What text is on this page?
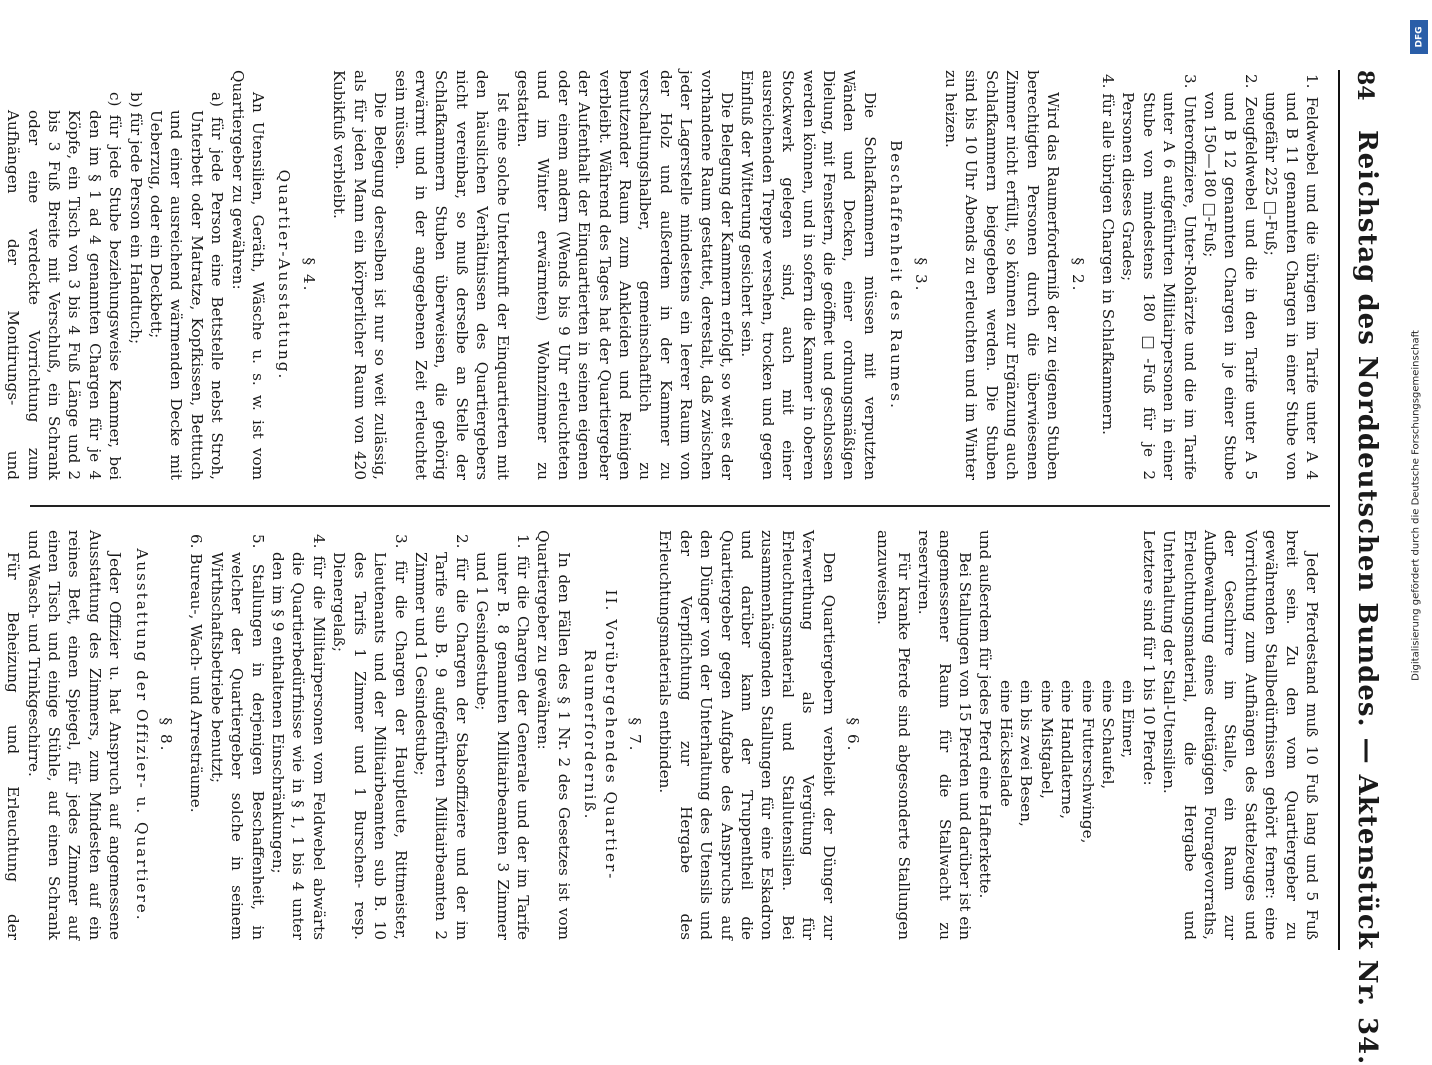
84
Reichstag des Norddeutschen Bundes. — Aktenstück Nr. 34.

1. Feldwebel und die übrigen im Tarife unter A 4 und B 11 genannten Chargen in einer Stube von ungefähr 225 □-Fuß;

2. Zeugfeldwebel und die in den Tarife unter A 5 und B 12 genannten Chargen in je einer Stube von 150—180 □-Fuß;

3. Unteroffiziere, Unter-Rohärzte und die im Tarife unter A 6 aufgeführten Militairpersonen in einer Stube von mindestens 180 □-Fuß für je 2 Personen dieses Grades;

4. für alle übrigen Chargen in Schlafkammern.

§ 2.

Wird das Raumerforderniß der zu eigenen Stuben berechtigten Personen durch die überwiesenen Zimmer nicht erfüllt, so können zur Ergänzung auch Schlafkammern beigegeben werden. Die Stuben sind bis 10 Uhr Abends zu erleuchten und im Winter zu heizen.

§ 3.

Beschaffenheit des Raumes.

Die Schlafkammern müssen mit verputzten Wänden und Decken, einer ordnungsmäßigen Dielung, mit Fenstern, die geöffnet und geschlossen werden können, und in sofern die Kammer in oberen Stockwerk gelegen sind, auch mit einer ausreichenden Treppe versehen, trocken und gegen Einfluß der Witterung gesichert sein.

Die Belegung der Kammern erfolgt, so weit es der vorhandene Raum gestattet, derestalt, daß zwischen jeder Lagerstelle mindestens ein leerer Raum von der Holz und außerdem in der Kammer zu verschaltungshalber, gemeinschaftlich zu benutzender Raum zum Ankleiden und Reinigen verbleibt. Während des Tages hat der Quartiergeber der Aufenthalt der Einquartierten in seinen eigenen oder einem andern (Wends bis 9 Uhr erleuchteten und im Winter erwärmten) Wohnzimmer zu gestatten.

Ist eine solche Unterkunft der Einquartierten mit den häuslichen Verhältnissen des Quartiergebers nicht vereinbar, so muß derselbe an Stelle der Schlafkammern Stuben überweisen, die gehörig erwärmt und in der angegebenen Zeit erleuchtet sein müssen.

Die Belegung derselben ist nur so weit zulässig, als für jeden Mann ein körperlicher Raum von 420 Kubikfuß verbleibt.

§ 4.

Quartier-Ausstattung.

An Utensilien, Geräth, Wäsche u. s. w. ist vom Quartiergeber zu gewähren:

a) für jede Person eine Bettstelle nebst Stroh, Unterbett oder Matratze, Kopfkissen, Betttuch und einer ausreichend wärmenden Decke mit Ueberzug, oder ein Deckbett;

b) für jede Person ein Handtuch;

c) für jede Stube beziehungsweise Kammer, bei den im § 1 ad 4 genannten Chargen für je 4 Köpfe, ein Tisch von 3 bis 4 Fuß Länge und 2 bis 3 Fuß Breite mit Verschluß, ein Schrank oder eine verdeckte Vorrichtung zum Aufhängen der Montirungs- und

Jeder Pferdestand muß 10 Fuß lang und 5 Fuß breit sein. Zu den vom Quartiergeber zu gewährenden Stallbedürfnissen gehört ferner: eine Vorrichtung zum Aufhängen des Sattelzeuges und der Geschirre im Stalle, ein Raum zur Aufbewahrung eines dreitägigen Fouragevorraths, Erleuchtungsmaterial, die Hergabe und Unterhaltung der Stall-Utensilien.

Letztere sind für 1 bis 10 Pferde:

ein Eimer,

eine Schaufel,

eine Futterschwinge,

eine Handlaterne,

eine Mistgabel,

ein bis zwei Besen,

eine Häckselade

und außerdem für jedes Pferd eine Hafterkette.

Bei Stallungen von 15 Pferden und darüber ist ein angemessener Raum für die Stallwacht zu reserviren.

Für kranke Pferde sind abgesonderte Stallungen anzuweisen.

§ 6.

Den Quartiergebern verbleibt der Dünger zur Verwerthung als Vergütung für Erleuchtungsmaterial und Stallutensilien. Bei zusammenhängenden Stallungen für eine Eskadron und darüber kann der Truppentheil die Quartiergeber gegen Aufgabe des Anspruchs auf den Dünger von der Unterhaltung des Utensils und der Verpflichtung zur Hergabe des Erleuchtungsmaterials entbinden.

§ 7.

II. Vorübergehendes Quartier-Raumerforderniß.

In den Fällen des § 1 Nr. 2 des Gesetzes ist vom Quartiergeber zu gewähren:

1. für die Chargen der Generale und der im Tarife unter B. 8 genannten Militairbeamten 3 Zimmer und 1 Gesindestube;

2. für die Chargen der Stabsoffiziere und der im Tarife sub B. 9 aufgeführten Militairbeamten 2 Zimmer und 1 Gesindestube;

3. für die Chargen der Hauptleute, Rittmeister, Lieutenants und der Militairbeamten sub B. 10 des Tarifs 1 Zimmer und 1 Burschen- resp. Dienergelaß;

4. für die Militairpersonen vom Feldwebel abwärts die Quartierbedürfnisse wie in § 1, 1 bis 4 unter den im § 9 enthaltenen Einschränkungen;

5. Stallungen in derjenigen Beschaffenheit, in welcher der Quartiergeber solche in seinem Wirthschaftsbetriebe benutzt;

6. Bureau-, Wach- und Arresträume.

§ 8.

Ausstattung der Offizier- u. Quartiere.

Jeder Offizier u. hat Anspruch auf angemessene Ausstattung des Zimmers, zum Mindesten auf ein reines Bett, einen Spiegel, für jedes Zimmer auf einen Tisch und einige Stühle, auf einen Schrank und Wasch- und Trinkgeschirre.

Für Beheizung und Erleuchtung der

Digitalisierung gefördert durch die Deutsche Forschungsgemeinschaft
DFG
